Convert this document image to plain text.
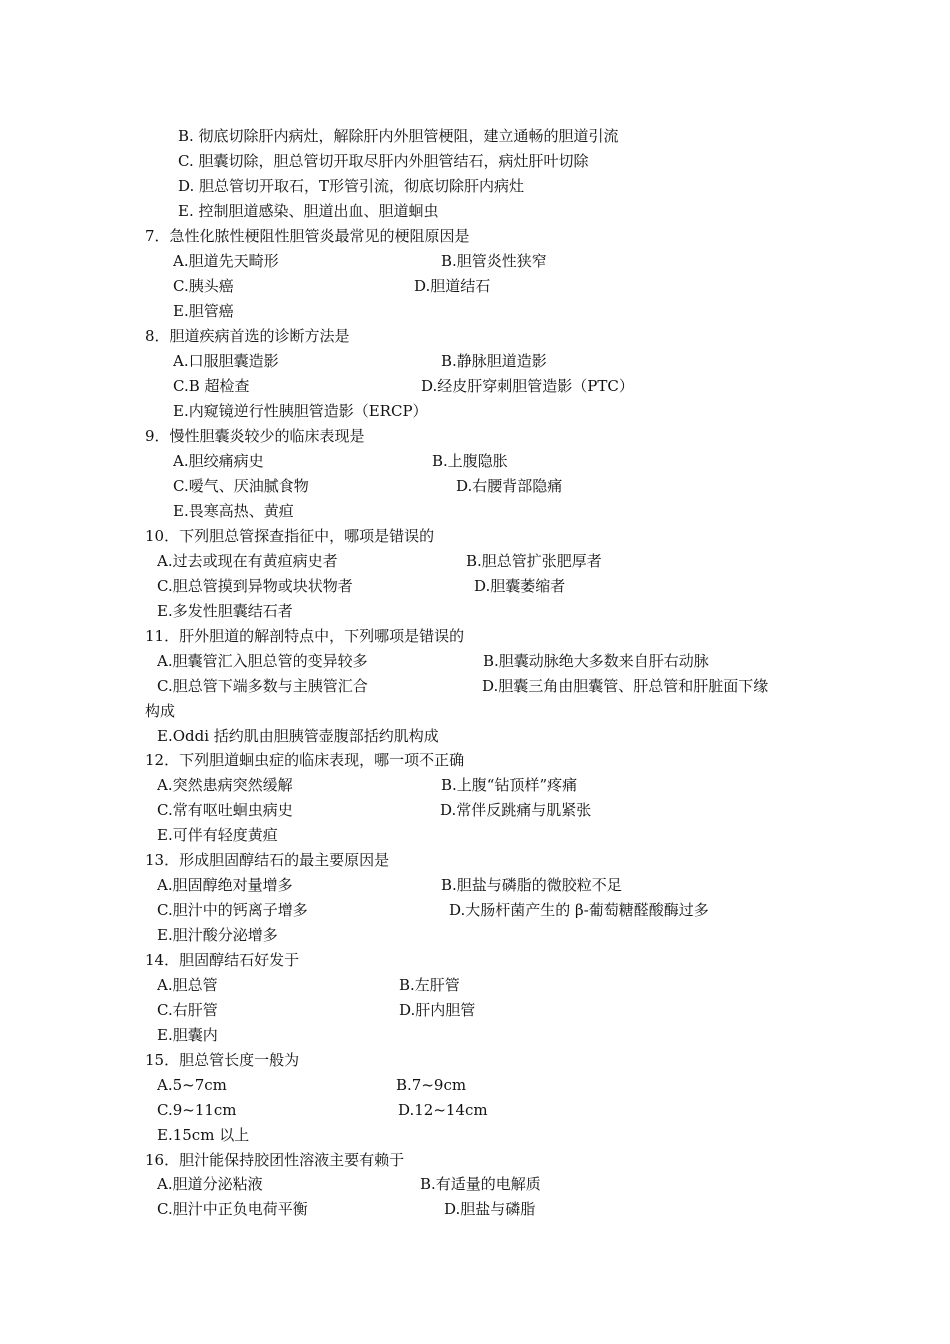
B. 彻底切除肝内病灶，解除肝内外胆管梗阻，建立通畅的胆道引流
C. 胆囊切除，胆总管切开取尽肝内外胆管结石，病灶肝叶切除
D. 胆总管切开取石，T形管引流，彻底切除肝内病灶
E. 控制胆道感染、胆道出血、胆道蛔虫
7．急性化脓性梗阻性胆管炎最常见的梗阻原因是
A.胆道先天畸形	B.胆管炎性狭窄
C.胰头癌	D.胆道结石
E.胆管癌
8．胆道疾病首选的诊断方法是
A.口服胆囊造影	B.静脉胆道造影
C.B 超检查	D.经皮肝穿刺胆管造影（PTC）
E.内窥镜逆行性胰胆管造影（ERCP）
9．慢性胆囊炎较少的临床表现是
A.胆绞痛病史	B.上腹隐胀
C.嗳气、厌油腻食物	D.右腰背部隐痛
E.畏寒高热、黄疸
10．下列胆总管探查指征中，哪项是错误的
A.过去或现在有黄疸病史者	B.胆总管扩张肥厚者
C.胆总管摸到异物或块状物者	D.胆囊萎缩者
E.多发性胆囊结石者
11．肝外胆道的解剖特点中，下列哪项是错误的
A.胆囊管汇入胆总管的变异较多	B.胆囊动脉绝大多数来自肝右动脉
C.胆总管下端多数与主胰管汇合	D.胆囊三角由胆囊管、肝总管和肝脏面下缘
构成
E.Oddi 括约肌由胆胰管壶腹部括约肌构成
12．下列胆道蛔虫症的临床表现，哪一项不正确
A.突然患病突然缓解	B.上腹“钻顶样”疼痛
C.常有呕吐蛔虫病史	D.常伴反跳痛与肌紧张
E.可伴有轻度黄疸
13．形成胆固醇结石的最主要原因是
A.胆固醇绝对量增多	B.胆盐与磷脂的微胶粒不足
C.胆汁中的钙离子增多	D.大肠杆菌产生的 β-葡萄糖醛酸酶过多
E.胆汁酸分泌增多
14．胆固醇结石好发于
A.胆总管	B.左肝管
C.右肝管	D.肝内胆管
E.胆囊内
15．胆总管长度一般为
A.5~7cm	B.7~9cm
C.9~11cm	D.12~14cm
E.15cm 以上
16．胆汁能保持胶团性溶液主要有赖于
A.胆道分泌粘液	B.有适量的电解质
C.胆汁中正负电荷平衡	D.胆盐与磷脂
